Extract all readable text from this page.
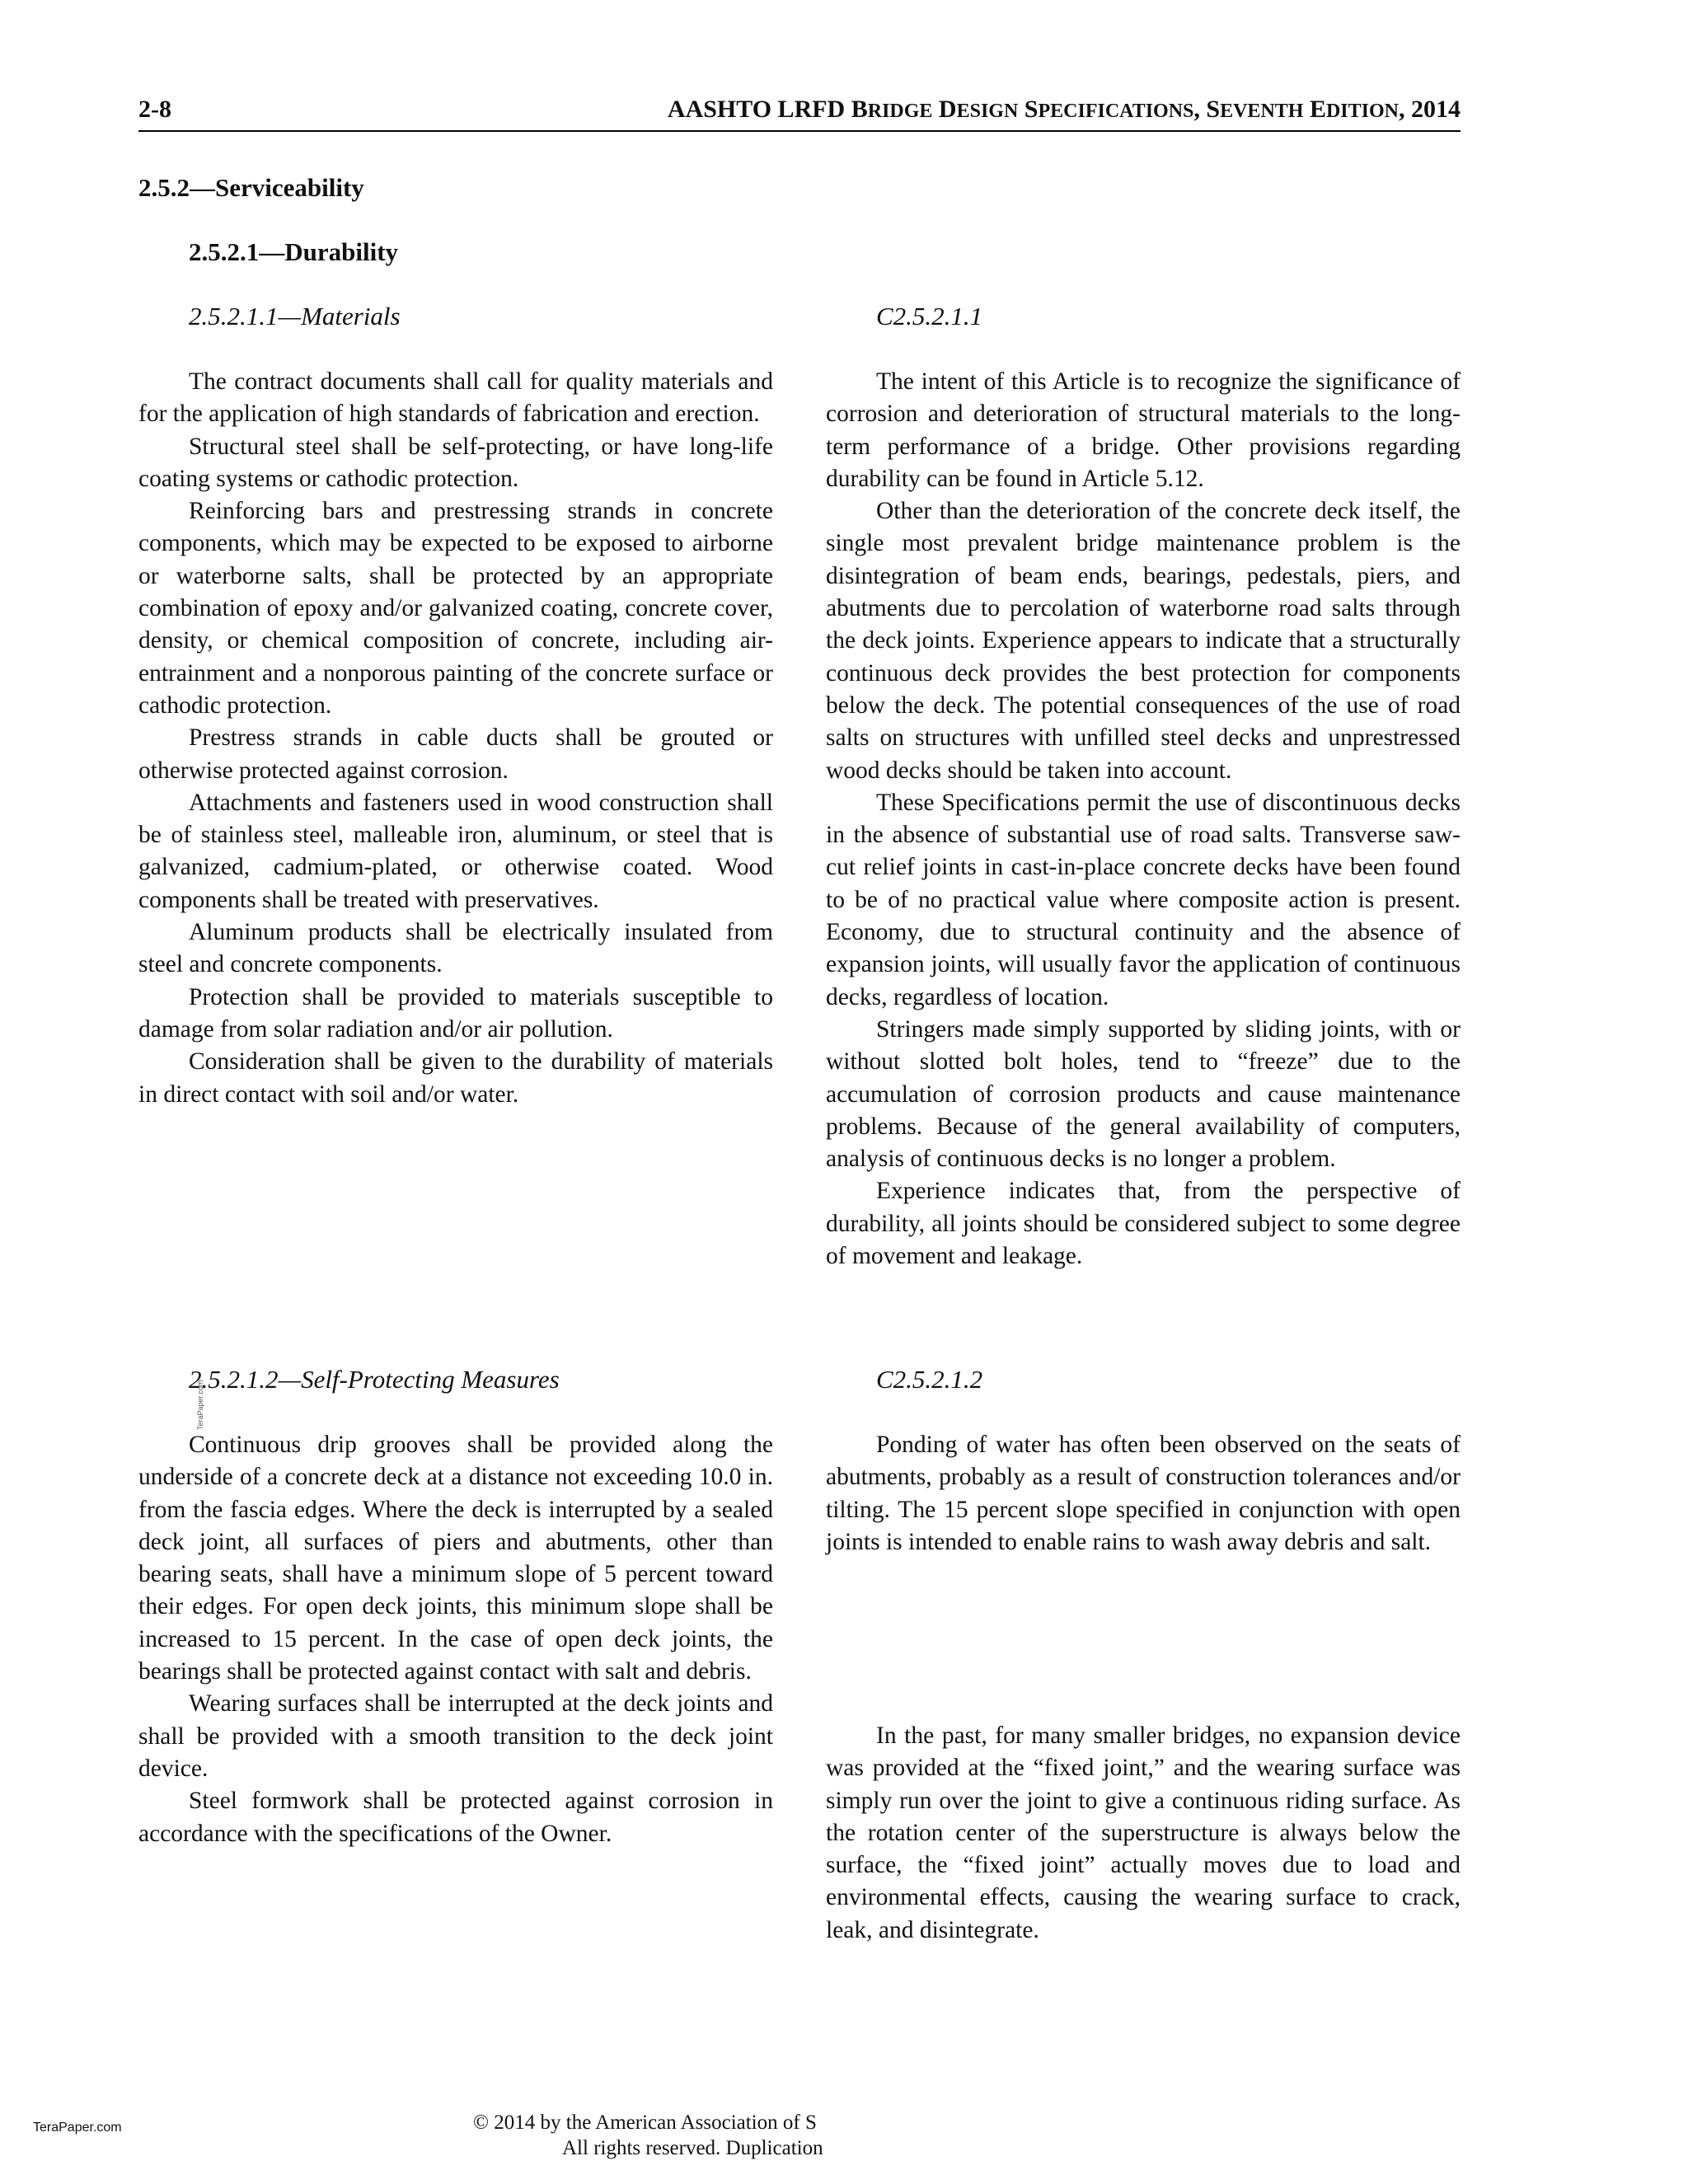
2-8	AASHTO LRFD BRIDGE DESIGN SPECIFICATIONS, SEVENTH EDITION, 2014
2.5.2—Serviceability
2.5.2.1—Durability
2.5.2.1.1—Materials	C2.5.2.1.1

The contract documents shall call for quality materials and for the application of high standards of fabrication and erection.

Structural steel shall be self-protecting, or have long-life coating systems or cathodic protection.

Reinforcing bars and prestressing strands in concrete components, which may be expected to be exposed to airborne or waterborne salts, shall be protected by an appropriate combination of epoxy and/or galvanized coating, concrete cover, density, or chemical composition of concrete, including air-entrainment and a nonporous painting of the concrete surface or cathodic protection.

Prestress strands in cable ducts shall be grouted or otherwise protected against corrosion.

Attachments and fasteners used in wood construction shall be of stainless steel, malleable iron, aluminum, or steel that is galvanized, cadmium-plated, or otherwise coated. Wood components shall be treated with preservatives.

Aluminum products shall be electrically insulated from steel and concrete components.

Protection shall be provided to materials susceptible to damage from solar radiation and/or air pollution.

Consideration shall be given to the durability of materials in direct contact with soil and/or water.

The intent of this Article is to recognize the significance of corrosion and deterioration of structural materials to the long-term performance of a bridge. Other provisions regarding durability can be found in Article 5.12.

Other than the deterioration of the concrete deck itself, the single most prevalent bridge maintenance problem is the disintegration of beam ends, bearings, pedestals, piers, and abutments due to percolation of waterborne road salts through the deck joints. Experience appears to indicate that a structurally continuous deck provides the best protection for components below the deck. The potential consequences of the use of road salts on structures with unfilled steel decks and unprestressed wood decks should be taken into account.

These Specifications permit the use of discontinuous decks in the absence of substantial use of road salts. Transverse saw-cut relief joints in cast-in-place concrete decks have been found to be of no practical value where composite action is present. Economy, due to structural continuity and the absence of expansion joints, will usually favor the application of continuous decks, regardless of location.

Stringers made simply supported by sliding joints, with or without slotted bolt holes, tend to “freeze” due to the accumulation of corrosion products and cause maintenance problems. Because of the general availability of computers, analysis of continuous decks is no longer a problem.

Experience indicates that, from the perspective of durability, all joints should be considered subject to some degree of movement and leakage.

2.5.2.1.2—Self-Protecting Measures	C2.5.2.1.2

Continuous drip grooves shall be provided along the underside of a concrete deck at a distance not exceeding 10.0 in. from the fascia edges. Where the deck is interrupted by a sealed deck joint, all surfaces of piers and abutments, other than bearing seats, shall have a minimum slope of 5 percent toward their edges. For open deck joints, this minimum slope shall be increased to 15 percent. In the case of open deck joints, the bearings shall be protected against contact with salt and debris.

Wearing surfaces shall be interrupted at the deck joints and shall be provided with a smooth transition to the deck joint device.

Steel formwork shall be protected against corrosion in accordance with the specifications of the Owner.

Ponding of water has often been observed on the seats of abutments, probably as a result of construction tolerances and/or tilting. The 15 percent slope specified in conjunction with open joints is intended to enable rains to wash away debris and salt.

In the past, for many smaller bridges, no expansion device was provided at the “fixed joint,” and the wearing surface was simply run over the joint to give a continuous riding surface. As the rotation center of the superstructure is always below the surface, the “fixed joint” actually moves due to load and environmental effects, causing the wearing surface to crack, leak, and disintegrate.

© 2014 by the American Association of S
All rights reserved. Duplication
TeraPaper.com
TeraPaper.com
